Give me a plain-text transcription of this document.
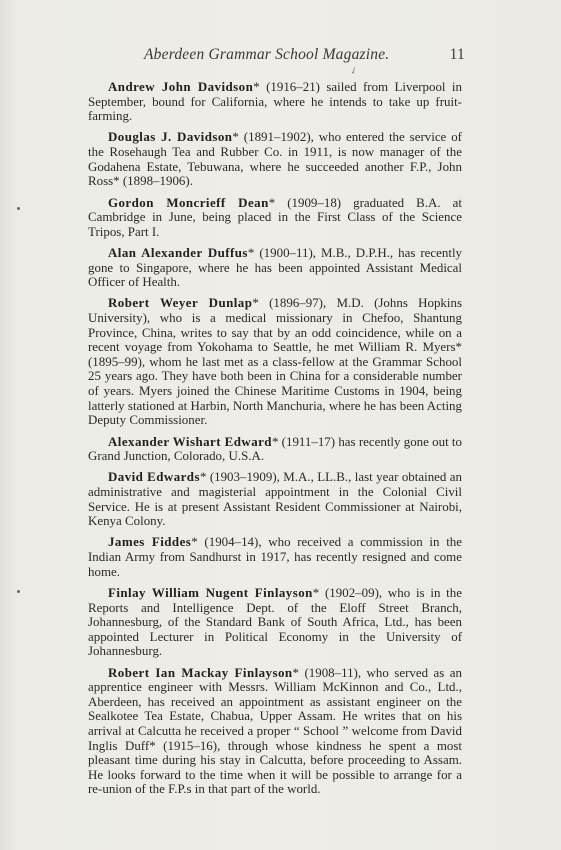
Aberdeen Grammar School Magazine.	11
✓

Andrew John Davidson* (1916–21) sailed from Liverpool in September, bound for California, where he intends to take up fruit-farming.

Douglas J. Davidson* (1891–1902), who entered the service of the Rosehaugh Tea and Rubber Co. in 1911, is now manager of the Godahena Estate, Tebuwana, where he succeeded another F.P., John Ross* (1898–1906).

Gordon Moncrieff Dean* (1909–18) graduated B.A. at Cambridge in June, being placed in the First Class of the Science Tripos, Part I.

Alan Alexander Duffus* (1900–11), M.B., D.P.H., has recently gone to Singapore, where he has been appointed Assistant Medical Officer of Health.

Robert Weyer Dunlap* (1896–97), M.D. (Johns Hopkins University), who is a medical missionary in Chefoo, Shantung Province, China, writes to say that by an odd coincidence, while on a recent voyage from Yokohama to Seattle, he met William R. Myers* (1895–99), whom he last met as a class-fellow at the Grammar School 25 years ago. They have both been in China for a considerable number of years. Myers joined the Chinese Maritime Customs in 1904, being latterly stationed at Harbin, North Manchuria, where he has been Acting Deputy Commissioner.

Alexander Wishart Edward* (1911–17) has recently gone out to Grand Junction, Colorado, U.S.A.

David Edwards* (1903–1909), M.A., LL.B., last year obtained an administrative and magisterial appointment in the Colonial Civil Service. He is at present Assistant Resident Commissioner at Nairobi, Kenya Colony.

James Fiddes* (1904–14), who received a commission in the Indian Army from Sandhurst in 1917, has recently resigned and come home.

Finlay William Nugent Finlayson* (1902–09), who is in the Reports and Intelligence Dept. of the Eloff Street Branch, Johannesburg, of the Standard Bank of South Africa, Ltd., has been appointed Lecturer in Political Economy in the University of Johannesburg.

Robert Ian Mackay Finlayson* (1908–11), who served as an apprentice engineer with Messrs. William McKinnon and Co., Ltd., Aberdeen, has received an appointment as assistant engineer on the Sealkotee Tea Estate, Chabua, Upper Assam. He writes that on his arrival at Calcutta he received a proper “ School ” welcome from David Inglis Duff* (1915–16), through whose kindness he spent a most pleasant time during his stay in Calcutta, before proceeding to Assam. He looks forward to the time when it will be possible to arrange for a re-union of the F.P.s in that part of the world.
